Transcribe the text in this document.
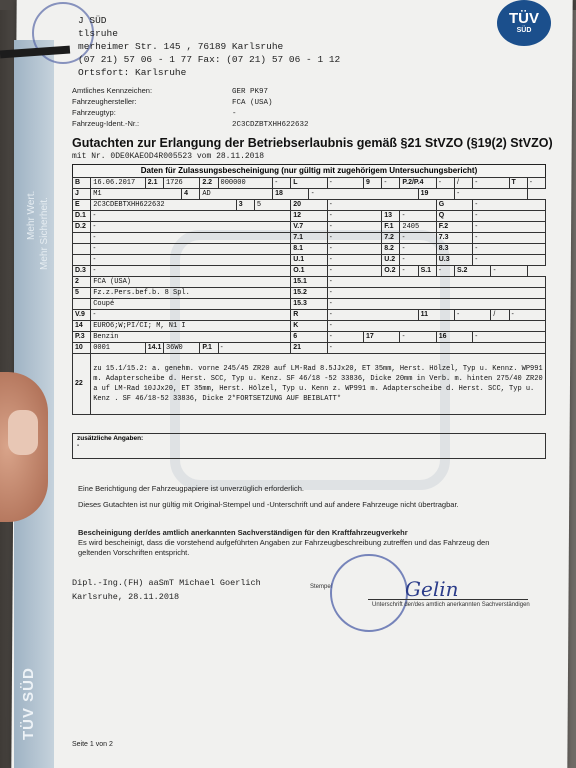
TÜV SÜD
Mehr Sicherheit.
Mehr Wert.
J SÜD
tlsruhe
merheimer Str. 145 , 76189 Karlsruhe
(07 21) 57 06 - 1 77 Fax: (07 21) 57 06 - 1 12
Ortsfort: Karlsruhe
TÜV
SÜD
Amtliches Kennzeichen:	GER PK97
Fahrzeughersteller:	FCA (USA)
Fahrzeugtyp:	-
Fahrzeug-Ident.-Nr.:	2C3CDZBTXHH622632
Gutachten zur Erlangung der Betriebserlaubnis gemäß §21 StVZO (§19(2) StVZO)
mit Nr. 0DE0KAEOD4R005523 vom 28.11.2018
Daten für Zulassungsbescheinigung (nur gültig mit zugehörigem Untersuchungsbericht)
B	16.06.2017	2.1	1726		2.2	000000			-	L		-	9	-	P.2/P.4		-	/	-		T	-
J	M1			4	AD				18		-					19		-				
E	2C3CDEBTXHH622632						3	5		20		-					G		-			
D.1	-									12		-		13	-		Q		-			
D.2	-									V.7		-		F.1	2405		F.2		-			
	-									7.1		-		7.2	-		7.3		-			
	-									8.1		-		8.2	-		8.3		-			
	-									U.1		-		U.2	-		U.3		-			
D.3	-									O.1		-		O.2	-	S.1	-	S.2		-		
2	FCA (USA)									15.1		-										
5	Fz.z.Pers.bef.b. 8 Spl.									15.2		-										
	Coupé									15.3		-										
V.9	-									R		-				11		-		/	-	
14	EURO6;W;PI/CI; M, N1 I									K		-										
P.3	Benzin									6		-	17		-		16		-			
10	0001	14.1	36W0		P.1	-				21		-										
22	zu 15.1/15.2: a. genehm. vorne 245/45 ZR20 auf LM-Rad 8.5JJx20, ET 35mm, Herst. Hölzel, Typ u. Kennz. WP991 m. Adapterscheibe d. Herst. SCC, Typ u. Kenz. SF 46/18 -52 33836, Dicke 20mm in Verb. m. hinten 275/40 ZR20 a uf LM-Rad 10JJx20, ET 35mm, Herst. Hölzel, Typ u. Kenn z. WP991 m. Adapterscheibe d. Herst. SCC, Typ u. Kenz . SF 46/18-52 33836, Dicke 2*FORTSETZUNG AUF BEIBLATT*																					
zusätzliche Angaben:
-
Eine Berichtigung der Fahrzeugpapiere ist unverzüglich erforderlich.
Dieses Gutachten ist nur gültig mit Original-Stempel und -Unterschrift und auf andere Fahrzeuge nicht übertragbar.
Bescheinigung der/des amtlich anerkannten Sachverständigen für den Kraftfahrzeugverkehr
Es wird bescheinigt, dass die vorstehend aufgeführten Angaben zur Fahrzeugbeschreibung zutreffen und das Fahrzeug den geltenden Vorschriften entspricht.
Dipl.-Ing.(FH) aaSmT Michael Goerlich
Karlsruhe, 28.11.2018
Stempel	Gelin
Unterschrift der/des amtlich anerkannten Sachverständigen
Seite 1 von 2
